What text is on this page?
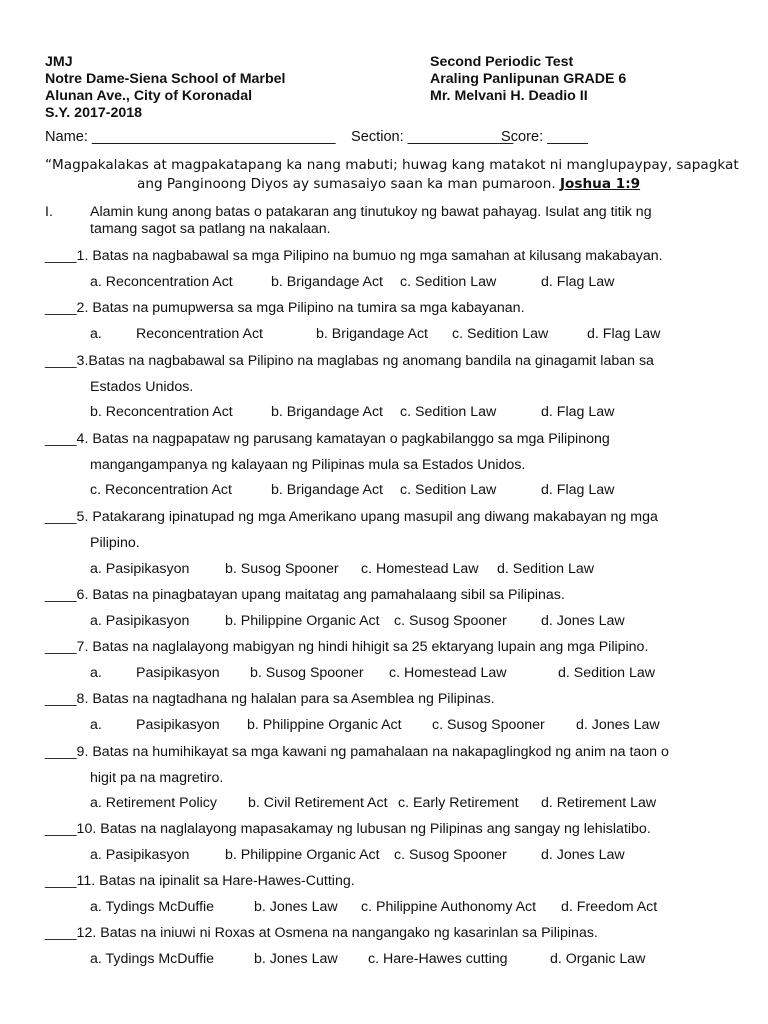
JMJ
Notre Dame-Siena School of Marbel
Alunan Ave., City of Koronadal
S.Y. 2017-2018
Second Periodic Test
Araling Panlipunan GRADE 6
Mr. Melvani H. Deadio II
Name: ______________________________ Section: _____________
Score: _____
“Magpakalakas at magpakatapang ka nang mabuti; huwag kang matakot ni manglupaypay, sapagkat
ang Panginoong Diyos ay sumasaiyo saan ka man pumaroon. Joshua 1:9
I.	Alamin kung anong batas o patakaran ang tinutukoy ng bawat pahayag. Isulat ang titik ng
tamang sagot sa patlang na nakalaan.
____1. Batas na nagbabawal sa mga Pilipino na bumuo ng mga samahan at kilusang makabayan.
a. Reconcentration Act	b. Brigandage Act c. Sedition Law	d. Flag Law
____2. Batas na pumupwersa sa mga Pilipino na tumira sa mga kabayanan.
a. Reconcentration Act	b. Brigandage Act c. Sedition Law	d. Flag Law
____3.Batas na nagbabawal sa Pilipino na maglabas ng anomang bandila na ginagamit laban sa
Estados Unidos.
b. Reconcentration Act	b. Brigandage Act c. Sedition Law	d. Flag Law
____4. Batas na nagpapataw ng parusang kamatayan o pagkabilanggo sa mga Pilipinong
mangangampanya ng kalayaan ng Pilipinas mula sa Estados Unidos.
c. Reconcentration Act	b. Brigandage Act c. Sedition Law	d. Flag Law
____5. Patakarang ipinatupad ng mga Amerikano upang masupil ang diwang makabayan ng mga
Pilipino.
a. Pasipikasyon	b. Susog Spooner c. Homestead Law d. Sedition Law
____6. Batas na pinagbatayan upang maitatag ang pamahalaang sibil sa Pilipinas.
a. Pasipikasyon	b. Philippine Organic Act c. Susog Spooner d. Jones Law
____7. Batas na naglalayong mabigyan ng hindi hihigit sa 25 ektaryang lupain ang mga Pilipino.
a. Pasipikasyon b. Susog Spooner c. Homestead Law	d. Sedition Law
____8. Batas na nagtadhana ng halalan para sa Asemblea ng Pilipinas.
a. Pasipikasyon b. Philippine Organic Act c. Susog Spooner d. Jones Law
____9. Batas na humihikayat sa mga kawani ng pamahalaan na nakapaglingkod ng anim na taon o
higit pa na magretiro.
a. Retirement Policy b. Civil Retirement Act c. Early Retirement d. Retirement Law
____10. Batas na naglalayong mapasakamay ng lubusan ng Pilipinas ang sangay ng lehislatibo.
a. Pasipikasyon	b. Philippine Organic Act c. Susog Spooner d. Jones Law
____11. Batas na ipinalit sa Hare-Hawes-Cutting.
a. Tydings McDuffie	b. Jones Law c. Philippine Authonomy Act d. Freedom Act
____12. Batas na iniuwi ni Roxas at Osmena na nangangako ng kasarinlan sa Pilipinas.
a. Tydings McDuffie	b. Jones Law c. Hare-Hawes cutting	d. Organic Law
